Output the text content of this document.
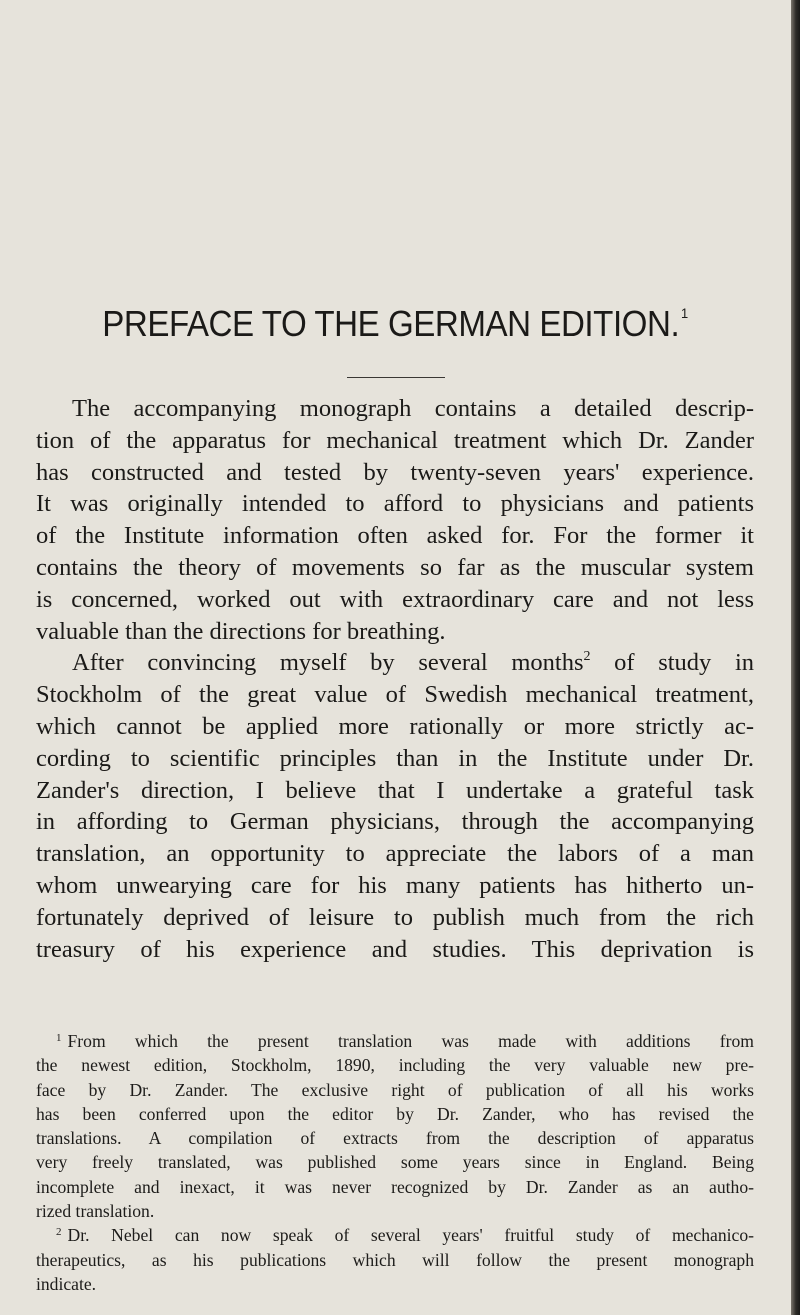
PREFACE TO THE GERMAN EDITION. $^1$
The accompanying monograph contains a detailed descrip-
tion of the apparatus for mechanical treatment which Dr. Zander
has constructed and tested by twenty-seven years' experience.
It was originally intended to afford to physicians and patients
of the Institute information often asked for. For the former it
contains the theory of movements so far as the muscular system
is concerned, worked out with extraordinary care and not less
valuable than the directions for breathing.
After convincing myself by several months$^2$ of study in
Stockholm of the great value of Swedish mechanical treatment,
which cannot be applied more rationally or more strictly ac-
cording to scientific principles than in the Institute under Dr.
Zander's direction, I believe that I undertake a grateful task
in affording to German physicians, through the accompanying
translation, an opportunity to appreciate the labors of a man
whom unwearying care for his many patients has hitherto un-
fortunately deprived of leisure to publish much from the rich
treasury of his experience and studies. This deprivation is
$^1$ From which the present translation was made with additions from
the newest edition, Stockholm, 1890, including the very valuable new pre-
face by Dr. Zander. The exclusive right of publication of all his works
has been conferred upon the editor by Dr. Zander, who has revised the
translations. A compilation of extracts from the description of apparatus
very freely translated, was published some years since in England. Being
incomplete and inexact, it was never recognized by Dr. Zander as an autho-
rized translation.
$^2$ Dr. Nebel can now speak of several years' fruitful study of mechanico-
therapeutics, as his publications which will follow the present monograph
indicate.
